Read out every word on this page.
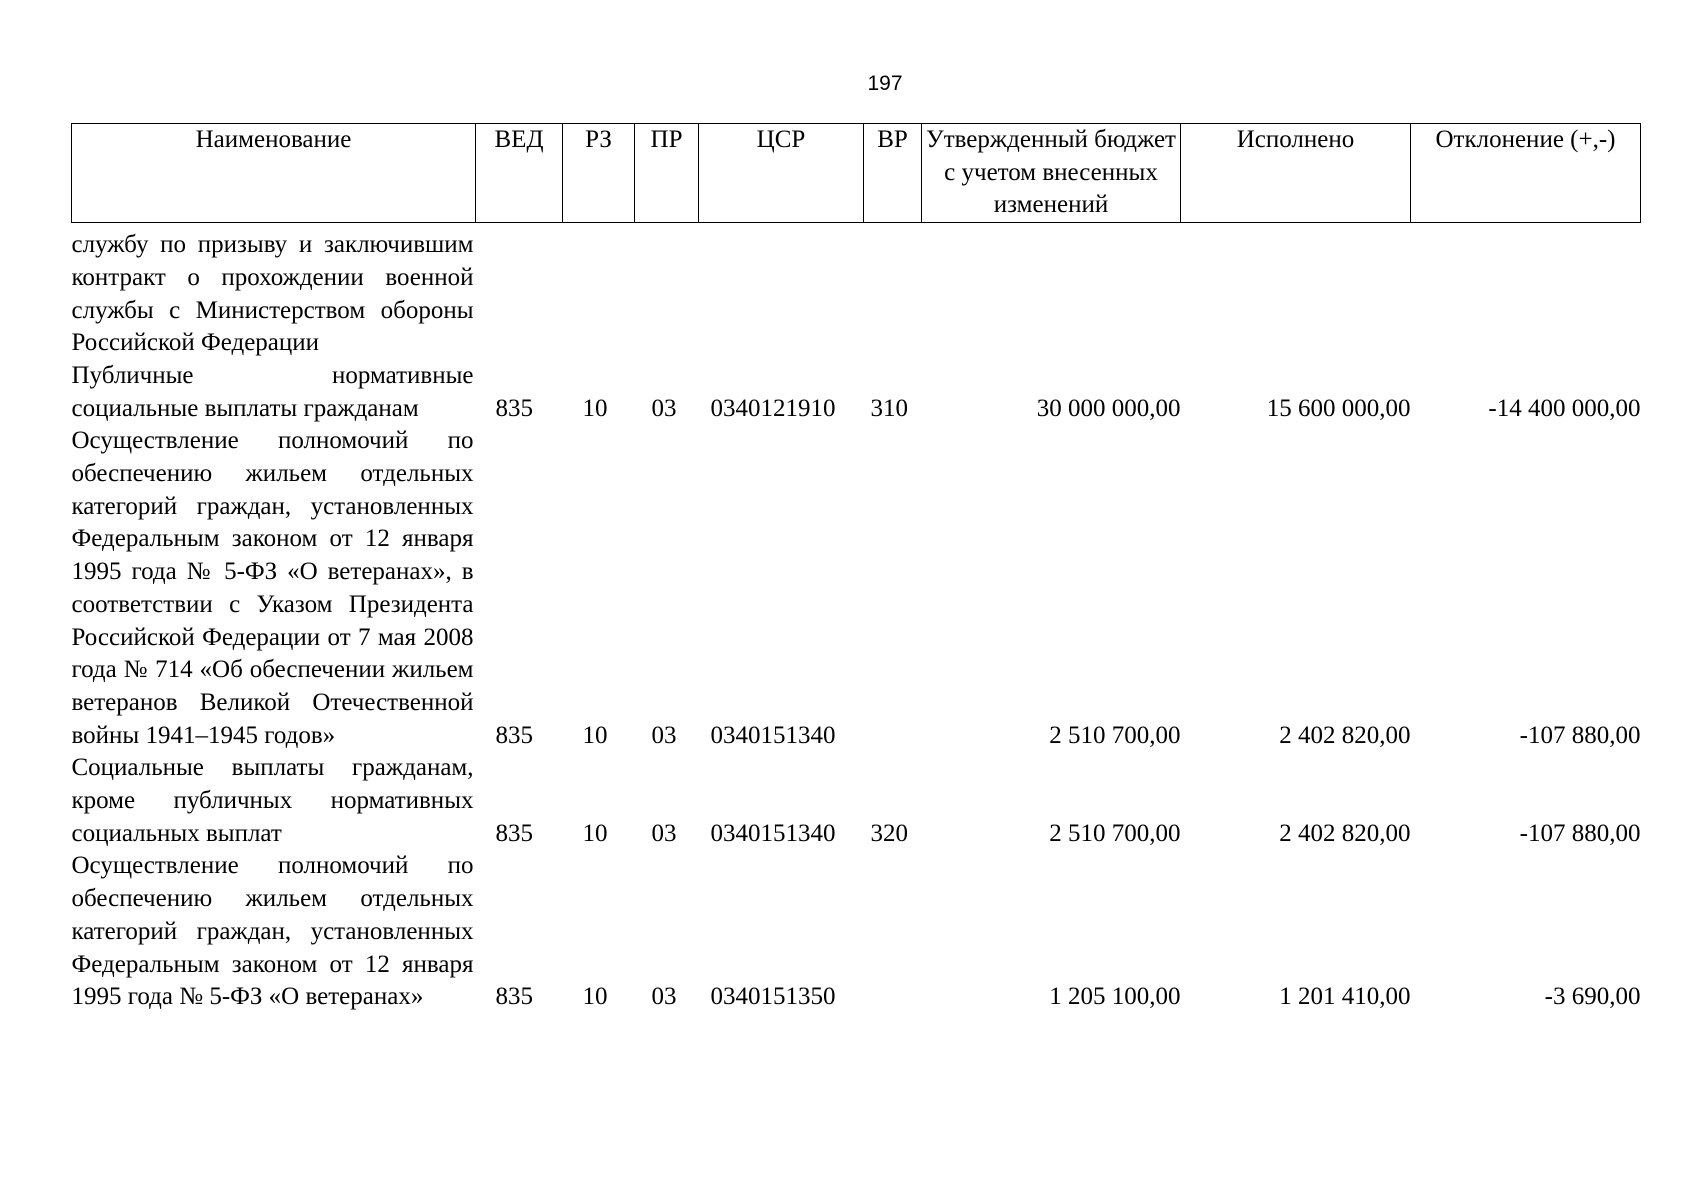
197
Наименование	ВЕД	РЗ	ПР	ЦСР	ВР	Утвержденный бюджет с учетом внесенных изменений	Исполнено	Отклонение (+,-)
службу по призыву и заключившим контракт о прохождении военной службы с Министерством обороны Российской Федерации								
Публичные нормативные социальные выплаты гражданам	835	10	03	0340121910	310	30 000 000,00	15 600 000,00	-14 400 000,00
Осуществление полномочий по обеспечению жильем отдельных категорий граждан, установленных Федеральным законом от 12 января 1995 года № 5-ФЗ «О ветеранах», в соответствии с Указом Президента Российской Федерации от 7 мая 2008 года № 714 «Об обеспечении жильем ветеранов Великой Отечественной войны 1941–1945 годов»	835	10	03	0340151340		2 510 700,00	2 402 820,00	-107 880,00
Социальные выплаты гражданам, кроме публичных нормативных социальных выплат	835	10	03	0340151340	320	2 510 700,00	2 402 820,00	-107 880,00
Осуществление полномочий по обеспечению жильем отдельных категорий граждан, установленных Федеральным законом от 12 января 1995 года № 5-ФЗ «О ветеранах»	835	10	03	0340151350		1 205 100,00	1 201 410,00	-3 690,00
